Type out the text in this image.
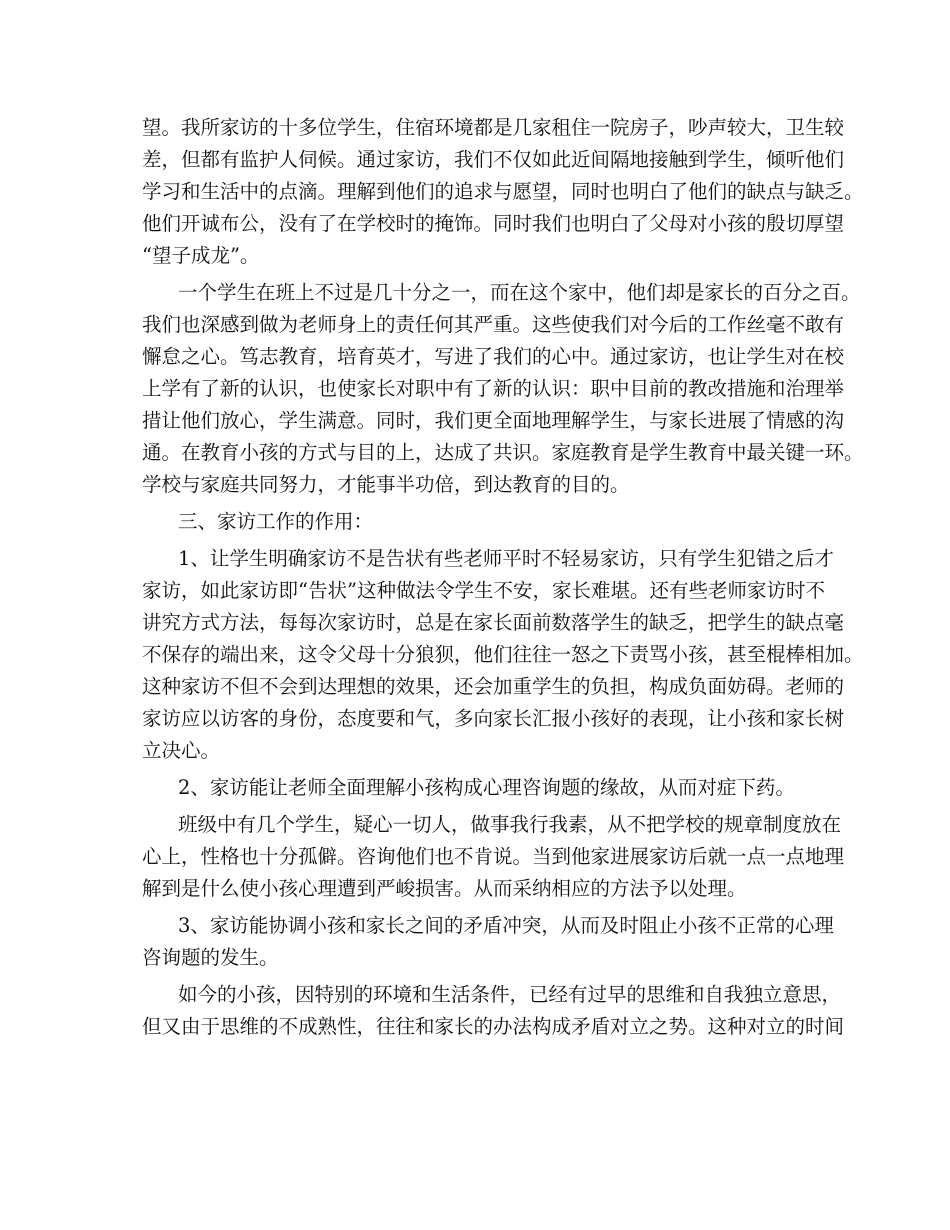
望。我所家访的十多位学生，住宿环境都是几家租住一院房子，吵声较大，卫生较
差，但都有监护人伺候。通过家访，我们不仅如此近间隔地接触到学生，倾听他们
学习和生活中的点滴。理解到他们的追求与愿望，同时也明白了他们的缺点与缺乏。
他们开诚布公，没有了在学校时的掩饰。同时我们也明白了父母对小孩的殷切厚望
“望子成龙”。
一个学生在班上不过是几十分之一，而在这个家中，他们却是家长的百分之百。
我们也深感到做为老师身上的责任何其严重。这些使我们对今后的工作丝毫不敢有
懈怠之心。笃志教育，培育英才，写进了我们的心中。通过家访，也让学生对在校
上学有了新的认识，也使家长对职中有了新的认识：职中目前的教改措施和治理举
措让他们放心，学生满意。同时，我们更全面地理解学生，与家长进展了情感的沟
通。在教育小孩的方式与目的上，达成了共识。家庭教育是学生教育中最关键一环。
学校与家庭共同努力，才能事半功倍，到达教育的目的。
三、家访工作的作用：
1、让学生明确家访不是告状有些老师平时不轻易家访，只有学生犯错之后才
家访，如此家访即“告状”这种做法令学生不安，家长难堪。还有些老师家访时不
讲究方式方法，每每次家访时，总是在家长面前数落学生的缺乏，把学生的缺点毫
不保存的端出来，这令父母十分狼狈，他们往往一怒之下责骂小孩，甚至棍棒相加。
这种家访不但不会到达理想的效果，还会加重学生的负担，构成负面妨碍。老师的
家访应以访客的身份，态度要和气，多向家长汇报小孩好的表现，让小孩和家长树
立决心。
2、家访能让老师全面理解小孩构成心理咨询题的缘故，从而对症下药。
班级中有几个学生，疑心一切人，做事我行我素，从不把学校的规章制度放在
心上，性格也十分孤僻。咨询他们也不肯说。当到他家进展家访后就一点一点地理
解到是什么使小孩心理遭到严峻损害。从而采纳相应的方法予以处理。
3、家访能协调小孩和家长之间的矛盾冲突，从而及时阻止小孩不正常的心理
咨询题的发生。
如今的小孩，因特别的环境和生活条件，已经有过早的思维和自我独立意思，
但又由于思维的不成熟性，往往和家长的办法构成矛盾对立之势。这种对立的时间
